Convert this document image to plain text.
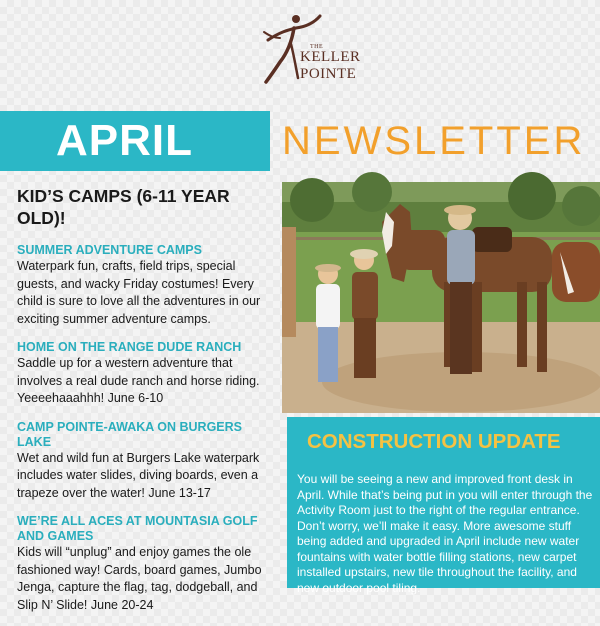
THE
KELLER
POINTE
APRIL	NEWSLETTER
KID’S CAMPS (6-11 YEAR OLD)!
SUMMER ADVENTURE CAMPS
Waterpark fun, crafts, field trips, special guests, and wacky Friday costumes! Every child is sure to love all the adventures in our exciting summer adventure camps.
HOME ON THE RANGE DUDE RANCH
Saddle up for a western adventure that involves a real dude ranch and horse riding. Yeeeehaaahhh! June 6-10
CAMP POINTE-AWAKA ON BURGERS LAKE
Wet and wild fun at Burgers Lake waterpark includes water slides, diving boards, even a trapeze over the water! June 13-17
WE’RE ALL ACES AT MOUNTASIA GOLF AND GAMES
Kids will “unplug” and enjoy games the ole fashioned way! Cards, board games, Jumbo Jenga, capture the flag, tag, dodgeball, and Slip N’ Slide! June 20-24
CONSTRUCTION UPDATE
You will be seeing a new and improved front desk in April. While that’s being put in you will enter through the Activity Room just to the right of the regular entrance. Don’t worry, we’ll make it easy. More awesome stuff being added and upgraded in April include new water fountains with water bottle filling stations, new carpet installed upstairs, new tile throughout the facility, and new outdoor pool tiling.
